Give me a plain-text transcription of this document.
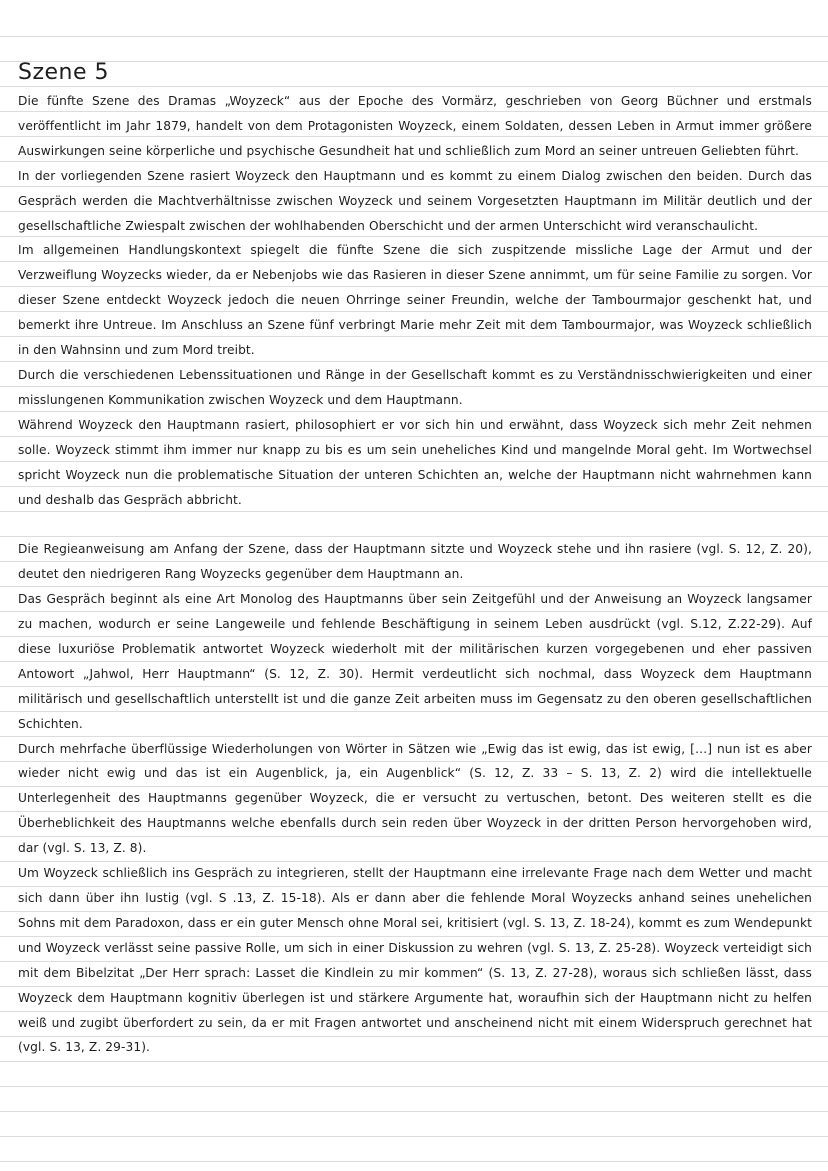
Szene 5

Die fünfte Szene des Dramas „Woyzeck“ aus der Epoche des Vormärz, geschrieben von Georg Büchner und erstmals veröffentlicht im Jahr 1879, handelt von dem Protagonisten Woyzeck, einem Soldaten, dessen Leben in Armut immer größere Auswirkungen seine körperliche und psychische Gesundheit hat und schließlich zum Mord an seiner untreuen Geliebten führt.

In der vorliegenden Szene rasiert Woyzeck den Hauptmann und es kommt zu einem Dialog zwischen den beiden. Durch das Gespräch werden die Machtverhältnisse zwischen Woyzeck und seinem Vorgesetzten Hauptmann im Militär deutlich und der gesellschaftliche Zwiespalt zwischen der wohlhabenden Oberschicht und der armen Unterschicht wird veranschaulicht.

Im allgemeinen Handlungskontext spiegelt die fünfte Szene die sich zuspitzende missliche Lage der Armut und der Verzweiflung Woyzecks wieder, da er Nebenjobs wie das Rasieren in dieser Szene annimmt, um für seine Familie zu sorgen. Vor dieser Szene entdeckt Woyzeck jedoch die neuen Ohrringe seiner Freundin, welche der Tambourmajor geschenkt hat, und bemerkt ihre Untreue. Im Anschluss an Szene fünf verbringt Marie mehr Zeit mit dem Tambourmajor, was Woyzeck schließlich in den Wahnsinn und zum Mord treibt.

Durch die verschiedenen Lebenssituationen und Ränge in der Gesellschaft kommt es zu Verständnisschwierigkeiten und einer misslungenen Kommunikation zwischen Woyzeck und dem Hauptmann.

Während Woyzeck den Hauptmann rasiert, philosophiert er vor sich hin und erwähnt, dass Woyzeck sich mehr Zeit nehmen solle. Woyzeck stimmt ihm immer nur knapp zu bis es um sein uneheliches Kind und mangelnde Moral geht. Im Wortwechsel spricht Woyzeck nun die problematische Situation der unteren Schichten an, welche der Hauptmann nicht wahrnehmen kann und deshalb das Gespräch abbricht.

Die Regieanweisung am Anfang der Szene, dass der Hauptmann sitzte und Woyzeck stehe und ihn rasiere (vgl. S. 12, Z. 20), deutet den niedrigeren Rang Woyzecks gegenüber dem Hauptmann an.

Das Gespräch beginnt als eine Art Monolog des Hauptmanns über sein Zeitgefühl und der Anweisung an Woyzeck langsamer zu machen, wodurch er seine Langeweile und fehlende Beschäftigung in seinem Leben ausdrückt (vgl. S.12, Z.22-29). Auf diese luxuriöse Problematik antwortet Woyzeck wiederholt mit der militärischen kurzen vorgegebenen und eher passiven Antowort „Jahwol, Herr Hauptmann“ (S. 12, Z. 30). Hermit verdeutlicht sich nochmal, dass Woyzeck dem Hauptmann militärisch und gesellschaftlich unterstellt ist und die ganze Zeit arbeiten muss im Gegensatz zu den oberen gesellschaftlichen Schichten.

Durch mehrfache überflüssige Wiederholungen von Wörter in Sätzen wie „Ewig das ist ewig, das ist ewig, […] nun ist es aber wieder nicht ewig und das ist ein Augenblick, ja, ein Augenblick“ (S. 12, Z. 33 – S. 13, Z. 2) wird die intellektuelle Unterlegenheit des Hauptmanns gegenüber Woyzeck, die er versucht zu vertuschen, betont. Des weiteren stellt es die Überheblichkeit des Hauptmanns welche ebenfalls durch sein reden über Woyzeck in der dritten Person hervorgehoben wird, dar (vgl. S. 13, Z. 8).

Um Woyzeck schließlich ins Gespräch zu integrieren, stellt der Hauptmann eine irrelevante Frage nach dem Wetter und macht sich dann über ihn lustig (vgl. S .13, Z. 15-18). Als er dann aber die fehlende Moral Woyzecks anhand seines unehelichen Sohns mit dem Paradoxon, dass er ein guter Mensch ohne Moral sei, kritisiert (vgl. S. 13, Z. 18-24), kommt es zum Wendepunkt und Woyzeck verlässt seine passive Rolle, um sich in einer Diskussion zu wehren (vgl. S. 13, Z. 25-28). Woyzeck verteidigt sich mit dem Bibelzitat „Der Herr sprach: Lasset die Kindlein zu mir kommen“ (S. 13, Z. 27-28), woraus sich schließen lässt, dass Woyzeck dem Hauptmann kognitiv überlegen ist und stärkere Argumente hat, woraufhin sich der Hauptmann nicht zu helfen weiß und zugibt überfordert zu sein, da er mit Fragen antwortet und anscheinend nicht mit einem Widerspruch gerechnet hat (vgl. S. 13, Z. 29-31).
